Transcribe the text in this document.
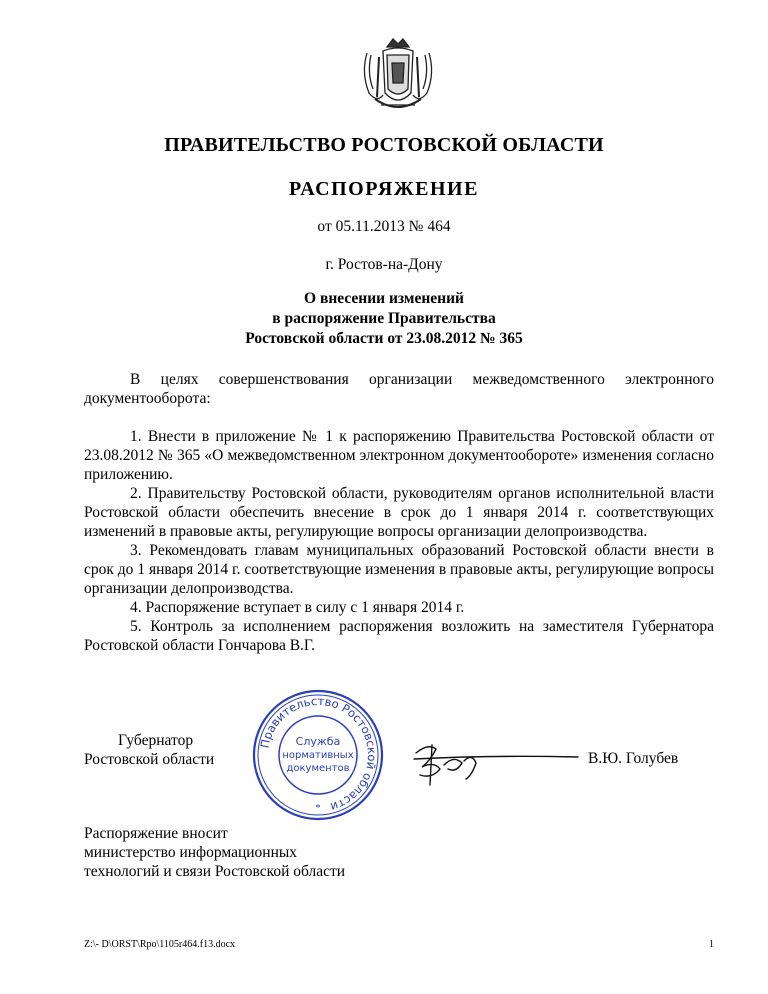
ПРАВИТЕЛЬСТВО РОСТОВСКОЙ ОБЛАСТИ
РАСПОРЯЖЕНИЕ
от 05.11.2013 № 464
г. Ростов-на-Дону
О внесении изменений
в распоряжение Правительства
Ростовской области от 23.08.2012 № 365
В целях совершенствования организации межведомственного электронного документооборота:

1. Внести в приложение № 1 к распоряжению Правительства Ростовской области от 23.08.2012 № 365 «О межведомственном электронном документообороте» изменения согласно приложению.

2. Правительству Ростовской области, руководителям органов исполнительной власти Ростовской области обеспечить внесение в срок до 1 января 2014 г. соответствующих изменений в правовые акты, регулирующие вопросы организации делопроизводства.

3. Рекомендовать главам муниципальных образований Ростовской области внести в срок до 1 января 2014 г. соответствующие изменения в правовые акты, регулирующие вопросы организации делопроизводства.

4. Распоряжение вступает в силу с 1 января 2014 г.

5. Контроль за исполнением распоряжения возложить на заместителя Губернатора Ростовской области Гончарова В.Г.

Губернатор
Ростовской области
Правительство Ростовской области
Служба
нормативных
документов
*
В.Ю. Голубев
Распоряжение вносит
министерство информационных
технологий и связи Ростовской области
Z:\- D\ORST\Rpo\1105r464.f13.docx	1
